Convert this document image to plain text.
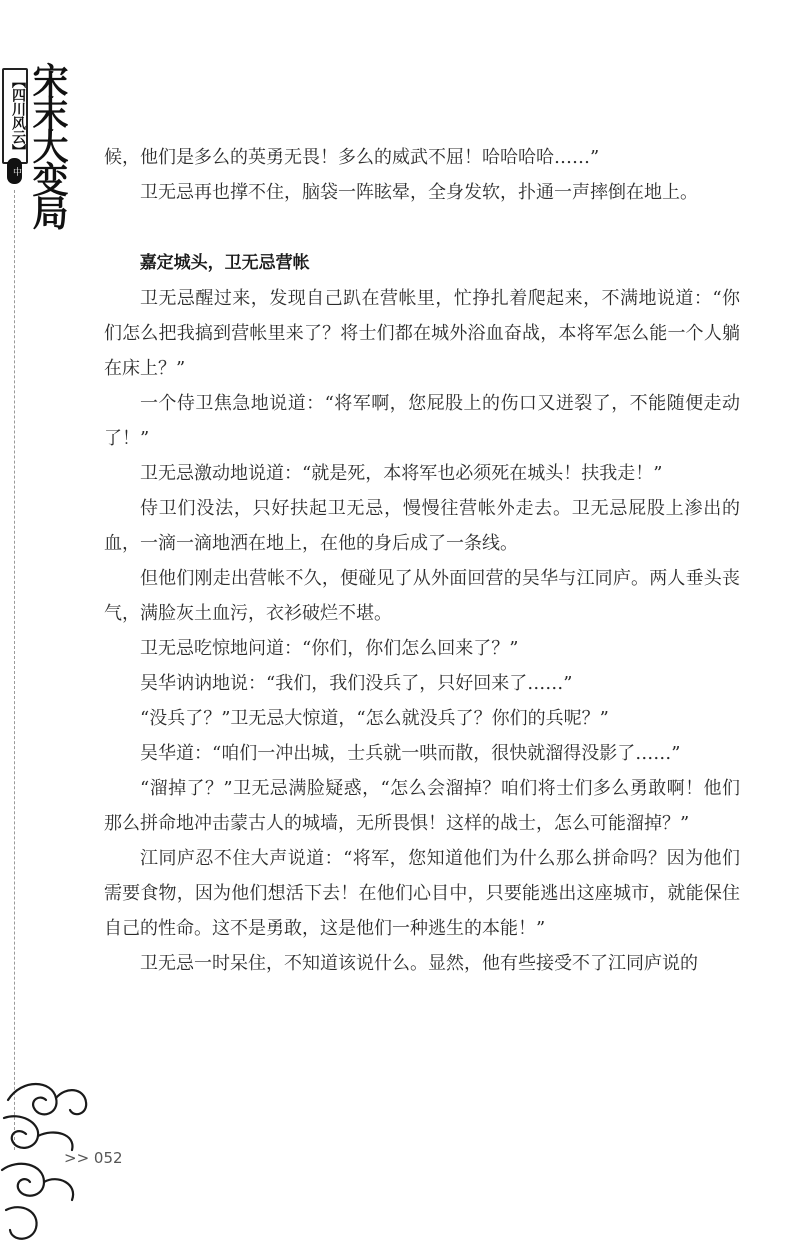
【四川风云】 宋末大变局
中

候，他们是多么的英勇无畏！多么的威武不屈！哈哈哈哈……”

卫无忌再也撑不住，脑袋一阵眩晕，全身发软，扑通一声摔倒在地上。

嘉定城头，卫无忌营帐

卫无忌醒过来，发现自己趴在营帐里，忙挣扎着爬起来，不满地说道：“你们怎么把我搞到营帐里来了？将士们都在城外浴血奋战，本将军怎么能一个人躺在床上？”

一个侍卫焦急地说道：“将军啊，您屁股上的伤口又迸裂了，不能随便走动了！”

卫无忌激动地说道：“就是死，本将军也必须死在城头！扶我走！”

侍卫们没法，只好扶起卫无忌，慢慢往营帐外走去。卫无忌屁股上渗出的血，一滴一滴地洒在地上，在他的身后成了一条线。

但他们刚走出营帐不久，便碰见了从外面回营的吴华与江同庐。两人垂头丧气，满脸灰土血污，衣衫破烂不堪。

卫无忌吃惊地问道：“你们，你们怎么回来了？”

吴华讷讷地说：“我们，我们没兵了，只好回来了……”

“没兵了？”卫无忌大惊道，“怎么就没兵了？你们的兵呢？”

吴华道：“咱们一冲出城，士兵就一哄而散，很快就溜得没影了……”

“溜掉了？”卫无忌满脸疑惑，“怎么会溜掉？咱们将士们多么勇敢啊！他们那么拼命地冲击蒙古人的城墙，无所畏惧！这样的战士，怎么可能溜掉？”

江同庐忍不住大声说道：“将军，您知道他们为什么那么拼命吗？因为他们需要食物，因为他们想活下去！在他们心目中，只要能逃出这座城市，就能保住自己的性命。这不是勇敢，这是他们一种逃生的本能！”

卫无忌一时呆住，不知道该说什么。显然，他有些接受不了江同庐说的

>> 052
